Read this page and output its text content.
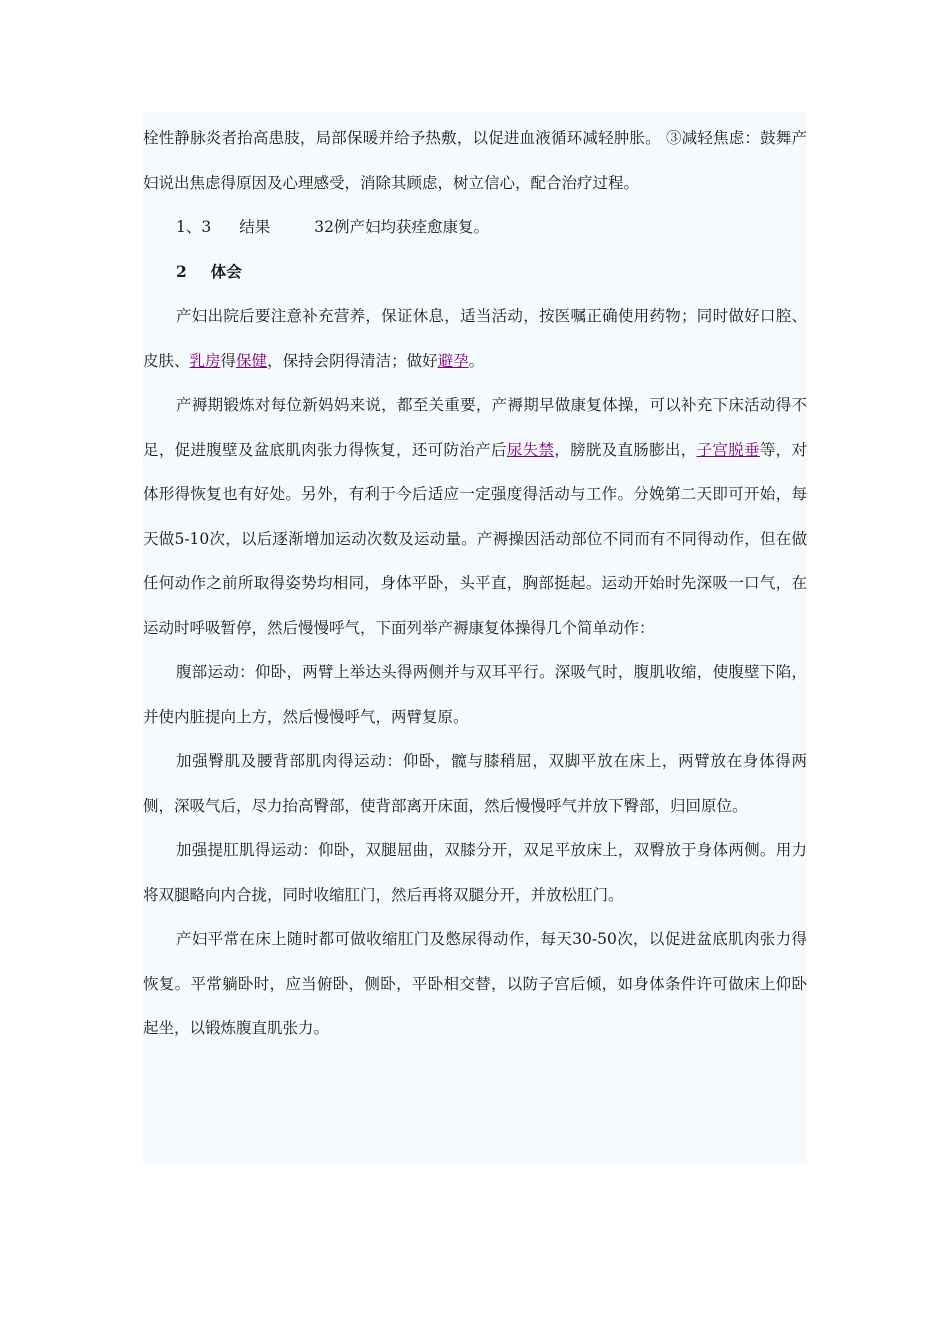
栓性静脉炎者抬高患肢，局部保暖并给予热敷，以促进血液循环减轻肿胀。 ③减轻焦虑：鼓舞产妇说出焦虑得原因及心理感受，消除其顾虑，树立信心，配合治疗过程。

1、3 结果	32例产妇均获痊愈康复。

2 体会

产妇出院后要注意补充营养，保证休息，适当活动，按医嘱正确使用药物；同时做好口腔、皮肤、乳房得保健，保持会阴得清洁；做好避孕。

产褥期锻炼对每位新妈妈来说，都至关重要，产褥期早做康复体操，可以补充下床活动得不足，促进腹壁及盆底肌肉张力得恢复，还可防治产后尿失禁，膀胱及直肠膨出，子宫脱垂等，对体形得恢复也有好处。另外，有利于今后适应一定强度得活动与工作。分娩第二天即可开始，每天做5-10次，以后逐渐增加运动次数及运动量。产褥操因活动部位不同而有不同得动作，但在做任何动作之前所取得姿势均相同，身体平卧，头平直，胸部挺起。运动开始时先深吸一口气，在运动时呼吸暂停，然后慢慢呼气，下面列举产褥康复体操得几个简单动作：

腹部运动：仰卧，两臂上举达头得两侧并与双耳平行。深吸气时，腹肌收缩，使腹壁下陷，并使内脏提向上方，然后慢慢呼气，两臂复原。

加强臀肌及腰背部肌肉得运动：仰卧，髋与膝稍屈，双脚平放在床上，两臂放在身体得两侧，深吸气后，尽力抬高臀部，使背部离开床面，然后慢慢呼气并放下臀部，归回原位。

加强提肛肌得运动：仰卧，双腿屈曲，双膝分开，双足平放床上，双臀放于身体两侧。用力将双腿略向内合拢，同时收缩肛门，然后再将双腿分开，并放松肛门。

产妇平常在床上随时都可做收缩肛门及憋尿得动作，每天30-50次，以促进盆底肌肉张力得恢复。平常躺卧时，应当俯卧，侧卧，平卧相交替，以防子宫后倾，如身体条件许可做床上仰卧起坐，以锻炼腹直肌张力。
